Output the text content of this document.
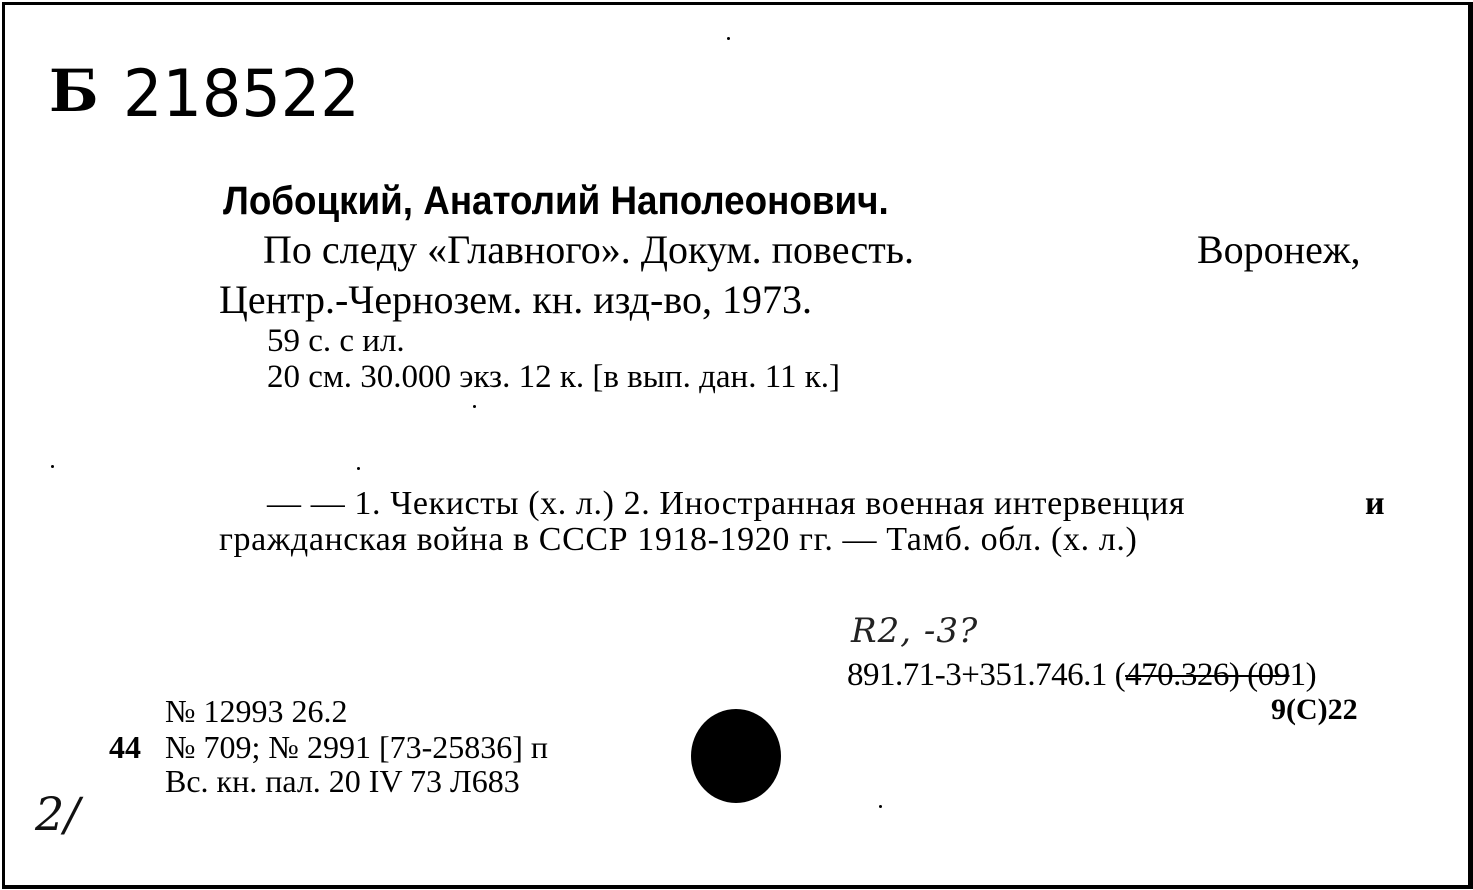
Б 218522
Лобоцкий, Анатолий Наполеонович.
По следу «Главного». Докум. повесть.	Воронеж,
Центр.-Чернозем. кн. изд-во, 1973.
59 с. с ил.
20 см. 30.000 экз. 12 к. [в вып. дан. 11 к.]
— — 1. Чекисты (х. л.) 2. Иностранная военная интервенция	и
гражданская война в СССР 1918-1920 гг. — Тамб. обл. (х. л.)
R2, -3?
891.71-3+351.746.1 (470.326) (091)
9(С)22
№ 12993 26.2
44 № 709; № 2991 [73-25836] п
Вс. кн. пал. 20 IV 73 Л683
2/
